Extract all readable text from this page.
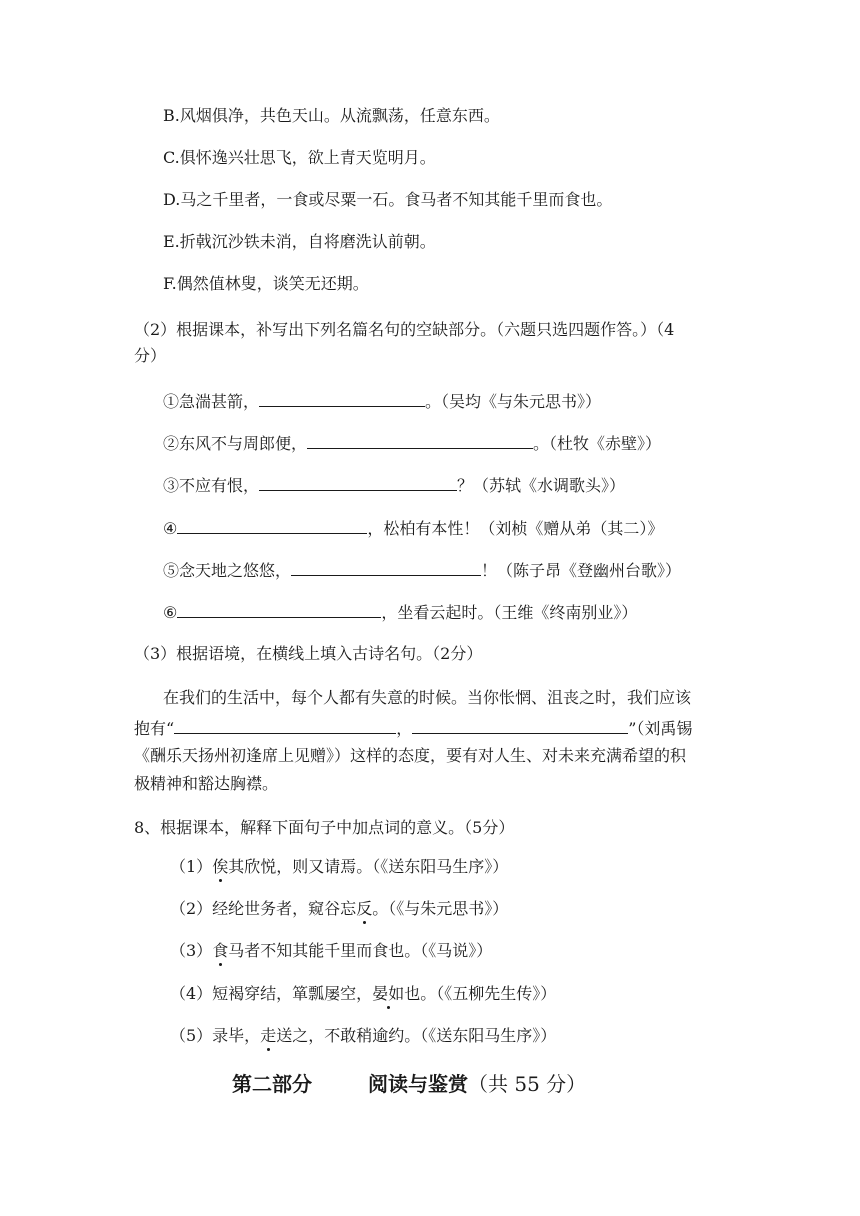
B.风烟俱净，共色天山。从流飘荡，任意东西。
C.俱怀逸兴壮思飞，欲上青天览明月。
D.马之千里者，一食或尽粟一石。食马者不知其能千里而食也。
E.折戟沉沙铁未消，自将磨洗认前朝。
F.偶然值林叟，谈笑无还期。
（2）根据课本，补写出下列名篇名句的空缺部分。（六题只选四题作答。）（4
分）
①急湍甚箭，	。（吴均《与朱元思书》）
②东风不与周郎便，	。（杜牧《赤壁》）
③不应有恨，	？（苏轼《水调歌头》）
④	，松柏有本性！（刘桢《赠从弟（其二）》
⑤念天地之悠悠，	！（陈子昂《登幽州台歌》）
⑥	，坐看云起时。（王维《终南别业》）
（3）根据语境，在横线上填入古诗名句。（2分）
在我们的生活中，每个人都有失意的时候。当你怅惘、沮丧之时，我们应该
抱有“	，	”（刘禹锡
《酬乐天扬州初逢席上见赠》）这样的态度，要有对人生、对未来充满希望的积
极精神和豁达胸襟。
8、根据课本，解释下面句子中加点词的意义。（5分）
（1）俟其欣悦，则又请焉。（《送东阳马生序》）
（2）经纶世务者，窥谷忘反。（《与朱元思书》）
（3）食马者不知其能千里而食也。（《马说》）
（4）短褐穿结，箪瓢屡空，晏如也。（《五柳先生传》）
（5）录毕，走送之，不敢稍逾约。（《送东阳马生序》）
第二部分	阅读与鉴赏（共 55 分）
